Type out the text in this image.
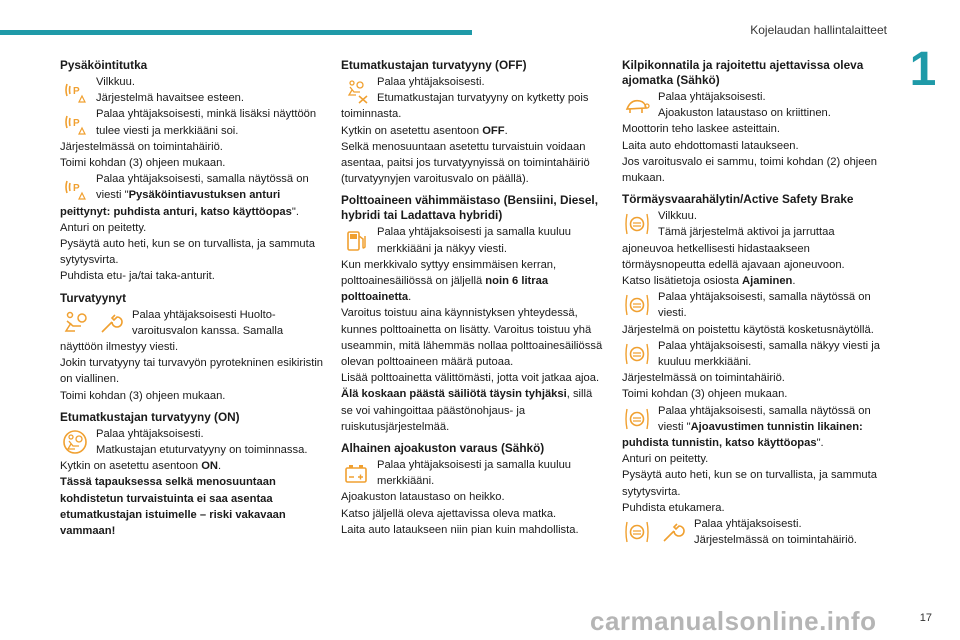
Kojelaudan hallintalaitteet
1
Pysäköintitutka
P

Vilkkuu.

Järjestelmä havaitsee esteen.

P

Palaa yhtäjaksoisesti, minkä lisäksi näyttöön tulee viesti ja merkkiääni soi.

Järjestelmässä on toimintahäiriö.

Toimi kohdan (3) ohjeen mukaan.

P

Palaa yhtäjaksoisesti, samalla näytössä on viesti "Pysäköintiavustuksen anturi peittynyt: puhdista anturi, katso käyttöopas".

Anturi on peitetty.

Pysäytä auto heti, kun se on turvallista, ja sammuta sytytysvirta.

Puhdista etu- ja/tai taka-anturit.

Turvatyynyt

Palaa yhtäjaksoisesti Huolto-varoitusvalon kanssa. Samalla näyttöön ilmestyy viesti.

Jokin turvatyyny tai turvavyön pyrotekninen esikiristin on viallinen.

Toimi kohdan (3) ohjeen mukaan.

Etumatkustajan turvatyyny (ON)

Palaa yhtäjaksoisesti.

Matkustajan etuturvatyyny on toiminnassa.

Kytkin on asetettu asentoon ON.

Tässä tapauksessa selkä menosuuntaan kohdistetun turvaistuinta ei saa asentaa etumatkustajan istuimelle – riski vakavaan vammaan!

Etumatkustajan turvatyyny (OFF)

Palaa yhtäjaksoisesti.

Etumatkustajan turvatyyny on kytketty pois toiminnasta.

Kytkin on asetettu asentoon OFF.

Selkä menosuuntaan asetettu turvaistuin voidaan asentaa, paitsi jos turvatyynyissä on toimintahäiriö (turvatyynyjen varoitusvalo on päällä).

Polttoaineen vähimmäistaso (Bensiini, Diesel, hybridi tai Ladattava hybridi)

Palaa yhtäjaksoisesti ja samalla kuuluu merkkiääni ja näkyy viesti.

Kun merkkivalo syttyy ensimmäisen kerran, polttoainesäiliössä on jäljellä noin 6 litraa polttoainetta.

Varoitus toistuu aina käynnistyksen yhteydessä, kunnes polttoainetta on lisätty. Varoitus toistuu yhä useammin, mitä lähemmäs nollaa polttoainesäiliössä olevan polttoaineen määrä putoaa.

Lisää polttoainetta välittömästi, jotta voit jatkaa ajoa.

Älä koskaan päästä säiliötä täysin tyhjäksi, sillä se voi vahingoittaa päästönohjaus- ja ruiskutusjärjestelmää.

Alhainen ajoakuston varaus (Sähkö)

Palaa yhtäjaksoisesti ja samalla kuuluu merkkiääni.

Ajoakuston lataustaso on heikko.

Katso jäljellä oleva ajettavissa oleva matka.

Laita auto lataukseen niin pian kuin mahdollista.

Kilpikonnatila ja rajoitettu ajettavissa oleva ajomatka (Sähkö)

Palaa yhtäjaksoisesti.

Ajoakuston lataustaso on kriittinen.

Moottorin teho laskee asteittain.

Laita auto ehdottomasti lataukseen.

Jos varoitusvalo ei sammu, toimi kohdan (2) ohjeen mukaan.

Törmäysvaarahälytin/Active Safety Brake

Vilkkuu.

Tämä järjestelmä aktivoi ja jarruttaa ajoneuvoa hetkellisesti hidastaakseen törmäysnopeutta edellä ajavaan ajoneuvoon.

Katso lisätietoja osiosta Ajaminen.

Palaa yhtäjaksoisesti, samalla näytössä on viesti.

Järjestelmä on poistettu käytöstä kosketusnäytöllä.

Palaa yhtäjaksoisesti, samalla näkyy viesti ja kuuluu merkkiääni.

Järjestelmässä on toimintahäiriö.

Toimi kohdan (3) ohjeen mukaan.

Palaa yhtäjaksoisesti, samalla näytössä on viesti "Ajoavustimen tunnistin likainen: puhdista tunnistin, katso käyttöopas".

Anturi on peitetty.

Pysäytä auto heti, kun se on turvallista, ja sammuta sytytysvirta.

Puhdista etukamera.

Palaa yhtäjaksoisesti.

Järjestelmässä on toimintahäiriö.

carmanualsonline.info	17
